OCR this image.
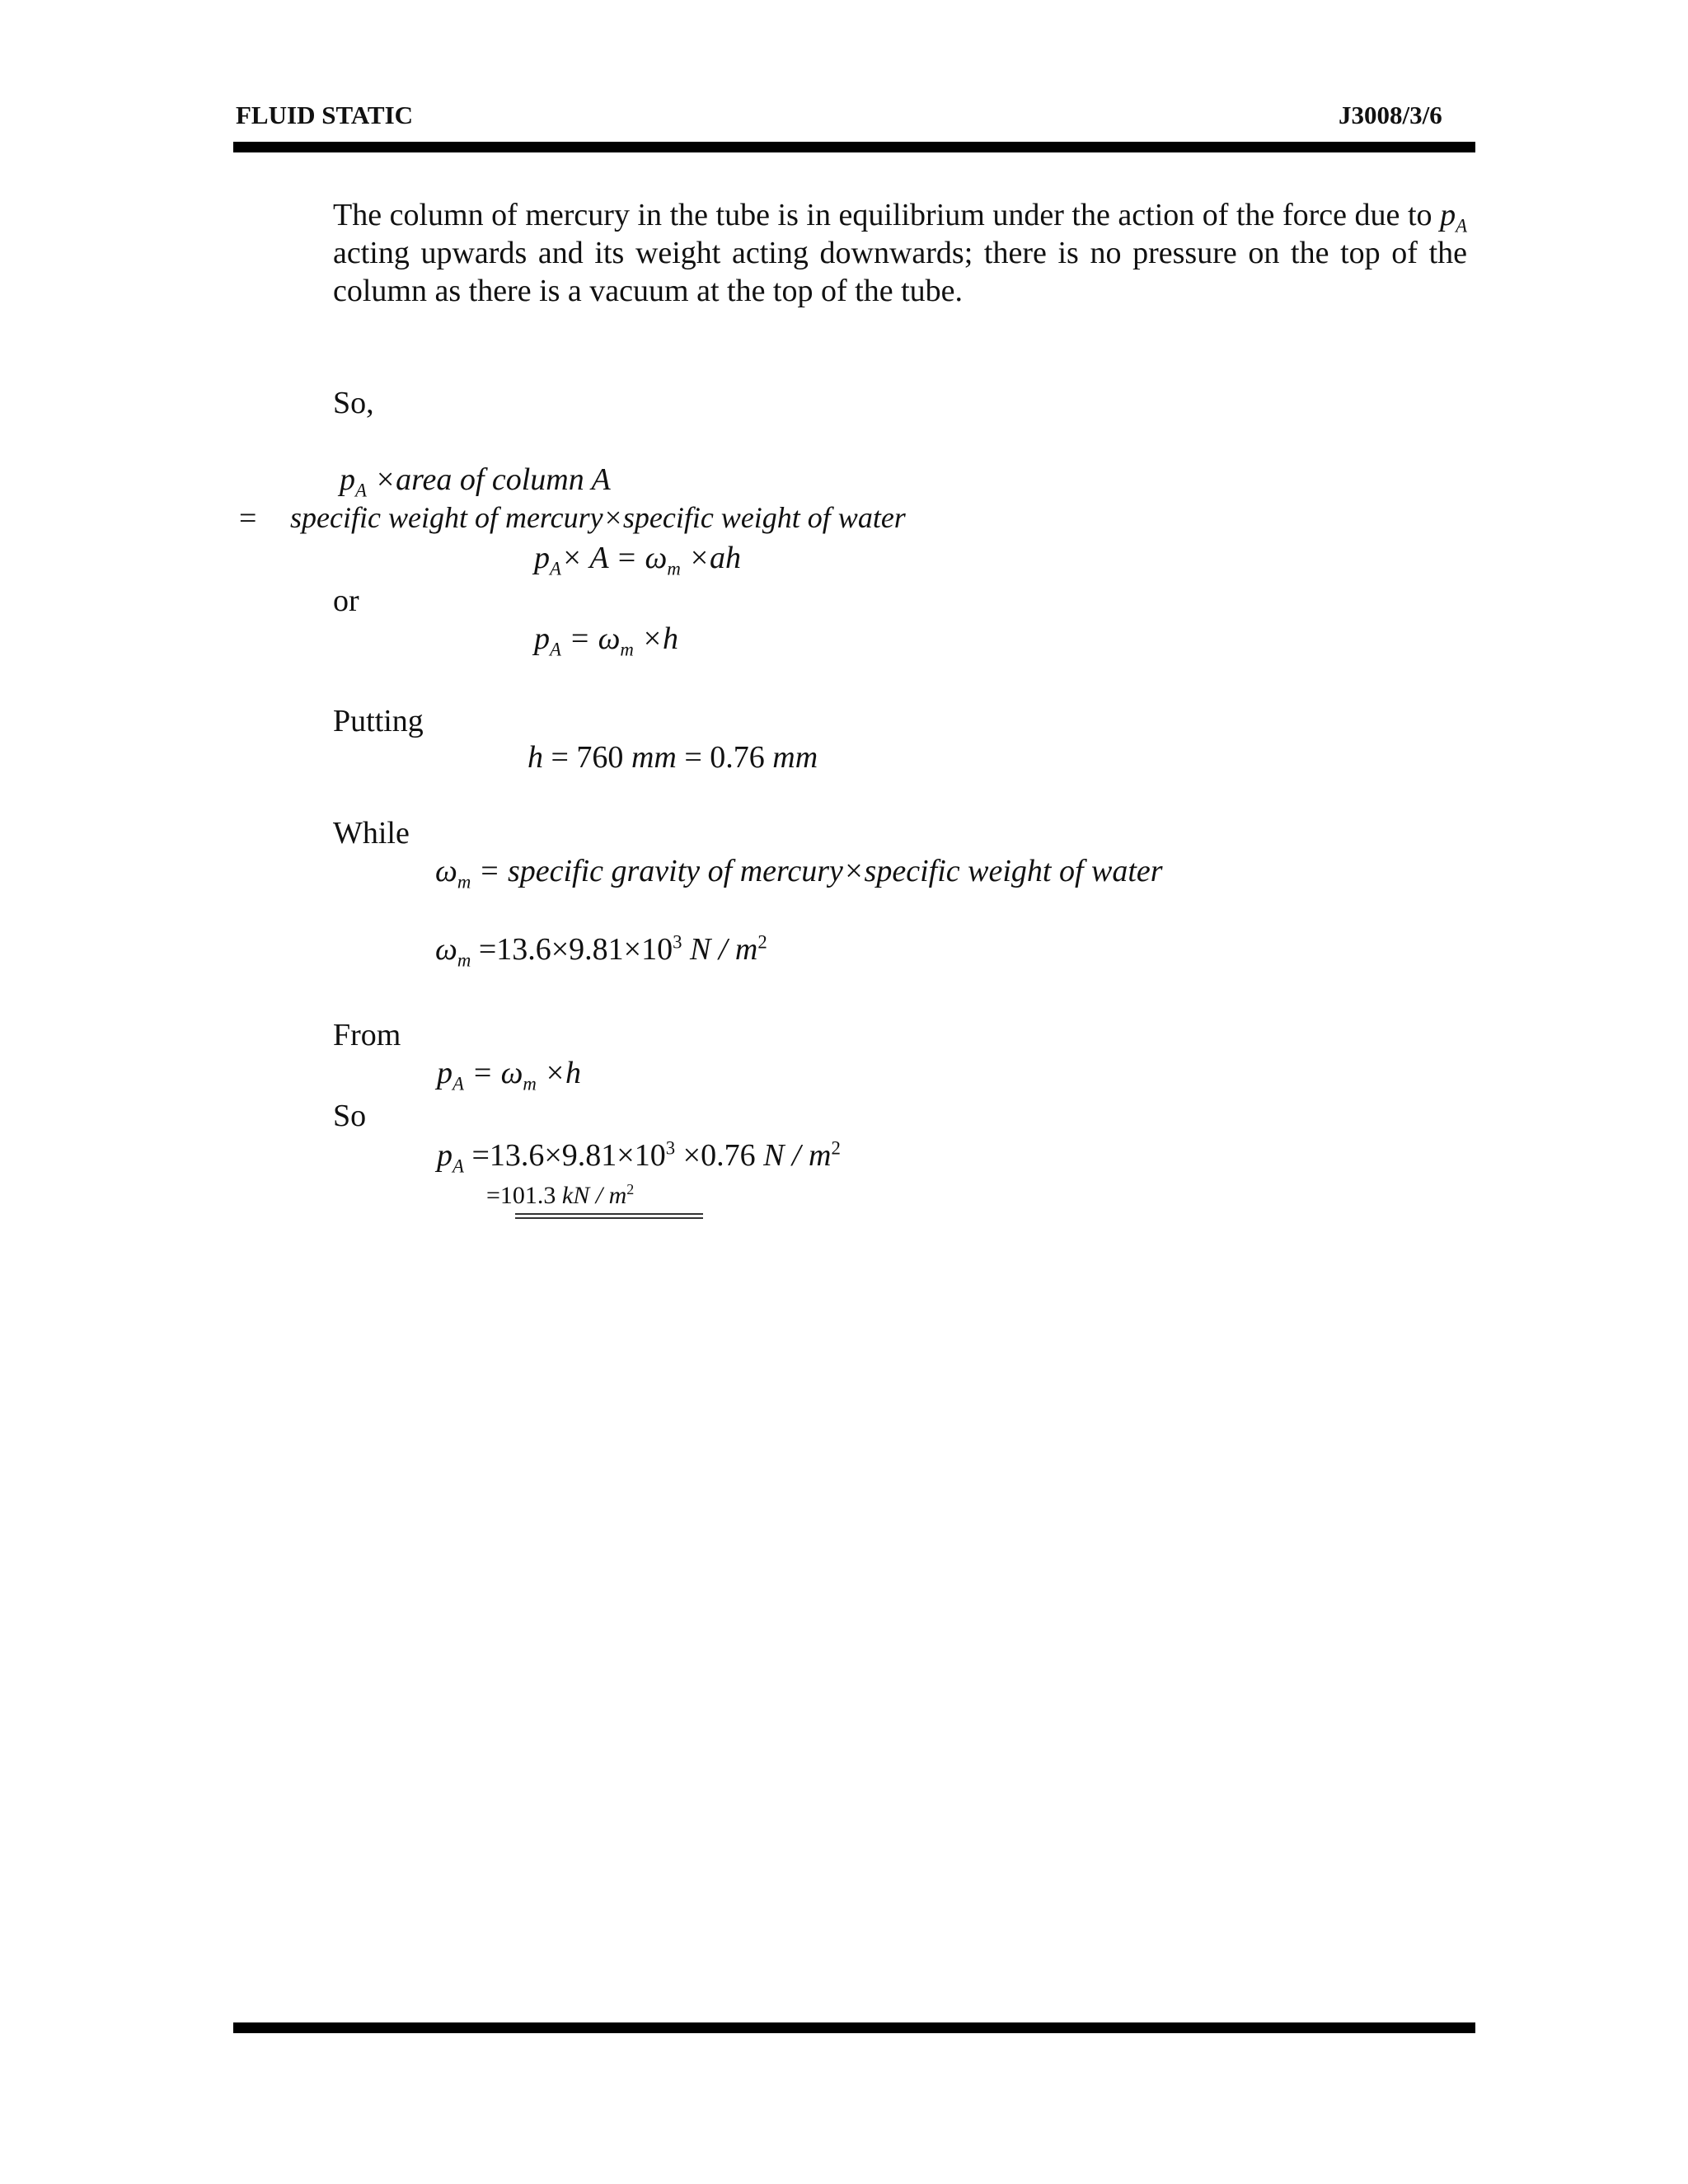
FLUID STATIC	J3008/3/6
The column of mercury in the tube is in equilibrium under the action of the force due to $p_A$ acting upwards and its weight acting downwards; there is no pressure on the top of the column as there is a vacuum at the top of the tube.
So,
$p_A$ ×area of column A
= specific weight of mercury×specific weight of water
$p_A\times A = \omega_m \times ah$
or
$p_A = \omega_m \times h$
Putting
h = 760 mm = 0.76 mm
While
$\omega_m$ = specific gravity of mercury×specific weight of water
$\omega_m =13.6\times 9.81\times 10^3$ N / $m^2$
From
$p_A = \omega_m \times h$
So
$p_A =13.6\times 9.81\times 10^3 \times 0.76$ N / $m^2$
=101.3 kN / $m^2$
